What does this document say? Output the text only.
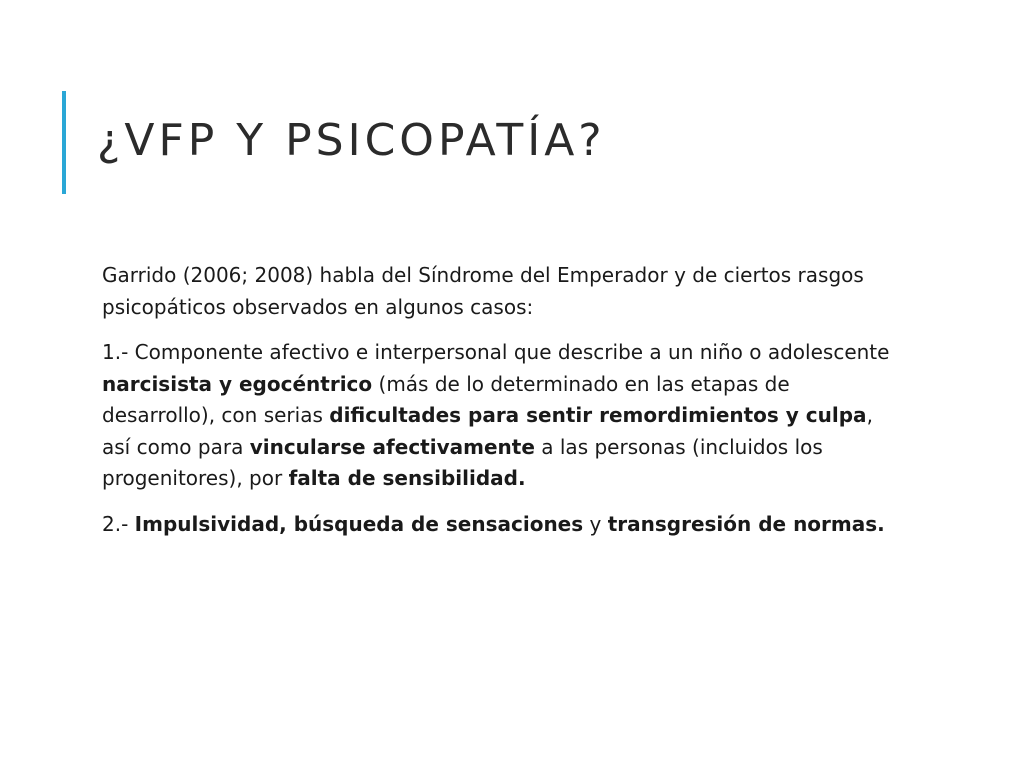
¿VFP Y PSICOPATÍA?

Garrido (2006; 2008) habla del Síndrome del Emperador y de ciertos rasgos psicopáticos observados en algunos casos:

1.- Componente afectivo e interpersonal que describe a un niño o adolescente narcisista y egocéntrico (más de lo determinado en las etapas de desarrollo), con serias dificultades para sentir remordimientos y culpa, así como para vincularse afectivamente a las personas (incluidos los progenitores), por falta de sensibilidad.

2.- Impulsividad, búsqueda de sensaciones y transgresión de normas.
